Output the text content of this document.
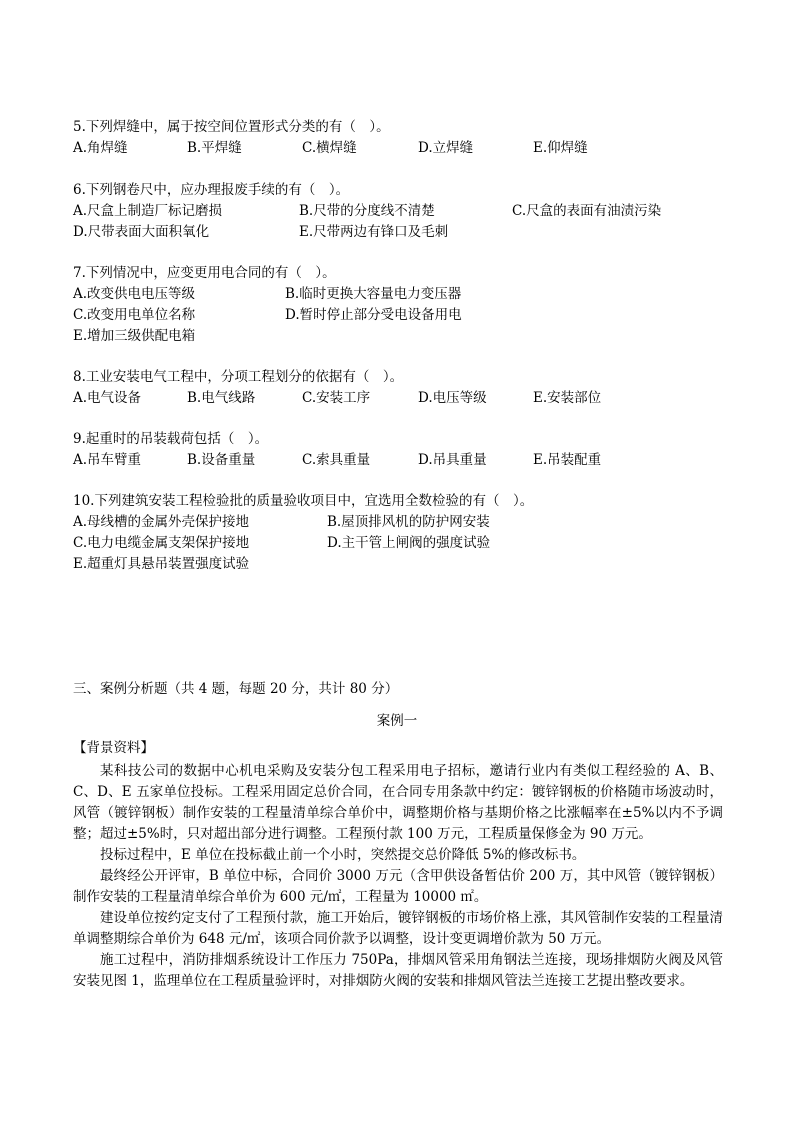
5.下列焊缝中，属于按空间位置形式分类的有（　）。
A.角焊缝	B.平焊缝	C.横焊缝	D.立焊缝	E.仰焊缝
6.下列钢卷尺中，应办理报废手续的有（　）。
A.尺盒上制造厂标记磨损	B.尺带的分度线不清楚	C.尺盒的表面有油渍污染
D.尺带表面大面积氧化	E.尺带两边有锋口及毛刺
7.下列情况中，应变更用电合同的有（　）。
A.改变供电电压等级	B.临时更换大容量电力变压器
C.改变用电单位名称	D.暂时停止部分受电设备用电
E.增加三级供配电箱
8.工业安装电气工程中，分项工程划分的依据有（　）。
A.电气设备	B.电气线路	C.安装工序	D.电压等级	E.安装部位
9.起重时的吊装载荷包括（　）。
A.吊车臂重	B.设备重量	C.索具重量	D.吊具重量	E.吊装配重
10.下列建筑安装工程检验批的质量验收项目中，宜选用全数检验的有（　）。
A.母线槽的金属外壳保护接地	B.屋顶排风机的防护网安装
C.电力电缆金属支架保护接地	D.主干管上闸阀的强度试验
E.超重灯具悬吊装置强度试验
三、案例分析题（共 4 题，每题 20 分，共计 80 分）
案例一
【背景资料】
某科技公司的数据中心机电采购及安装分包工程采用电子招标，邀请行业内有类似工程经验的 A、B、C、D、E 五家单位投标。工程采用固定总价合同，在合同专用条款中约定：镀锌钢板的价格随市场波动时，风管（镀锌钢板）制作安装的工程量清单综合单价中，调整期价格与基期价格之比涨幅率在±5%以内不予调整；超过±5%时，只对超出部分进行调整。工程预付款 100 万元，工程质量保修金为 90 万元。
投标过程中，E 单位在投标截止前一个小时，突然提交总价降低 5%的修改标书。
最终经公开评审，B 单位中标，合同价 3000 万元（含甲供设备暂估价 200 万，其中风管（镀锌钢板）制作安装的工程量清单综合单价为 600 元/㎡，工程量为 10000 ㎡。
建设单位按约定支付了工程预付款，施工开始后，镀锌钢板的市场价格上涨，其风管制作安装的工程量清单调整期综合单价为 648 元/㎡，该项合同价款予以调整，设计变更调增价款为 50 万元。
施工过程中，消防排烟系统设计工作压力 750Pa，排烟风管采用角钢法兰连接，现场排烟防火阀及风管安装见图 1，监理单位在工程质量验评时，对排烟防火阀的安装和排烟风管法兰连接工艺提出整改要求。
